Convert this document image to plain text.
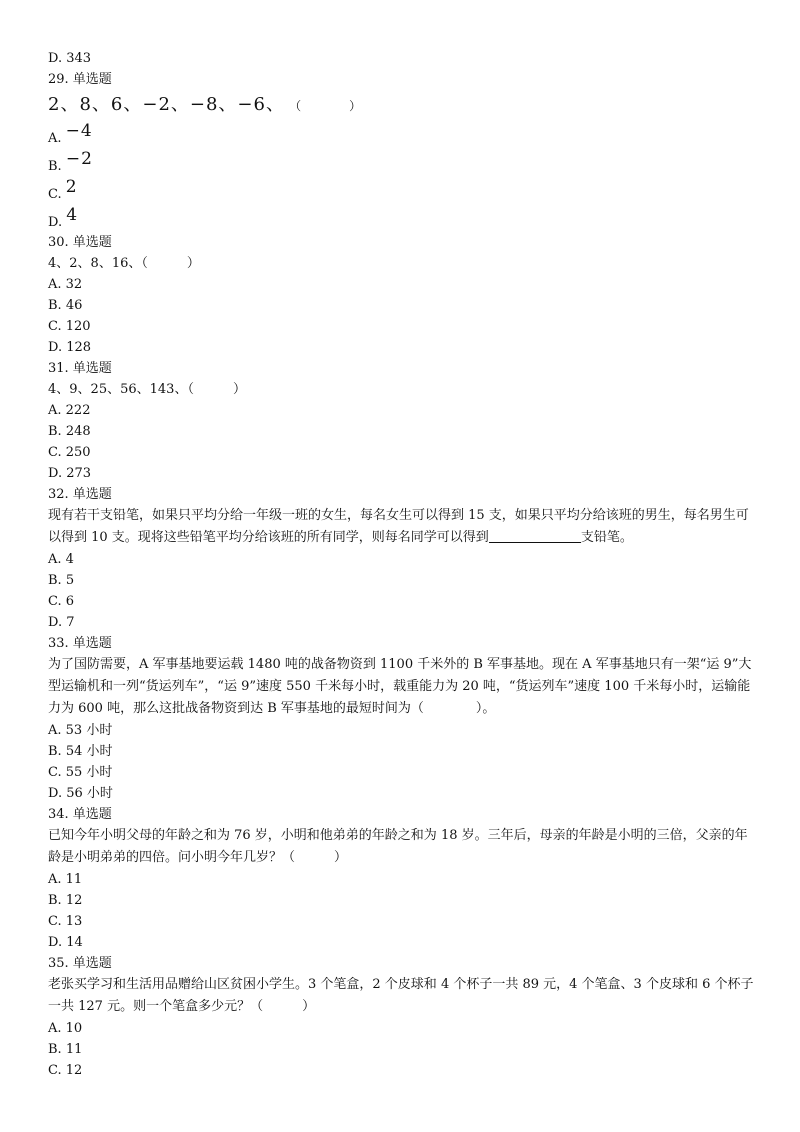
D. 343
29. 单选题
2、8、6、−2、−8、−6、 （　　　　）
A. −4
B. −2
C. 2
D. 4
30. 单选题
4、2、8、16、（　　　）
A. 32
B. 46
C. 120
D. 128
31. 单选题
4、9、25、56、143、（　　　）
A. 222
B. 248
C. 250
D. 273
32. 单选题
现有若干支铅笔，如果只平均分给一年级一班的女生，每名女生可以得到 15 支，如果只平均分给该班的男生，每名男生可以得到 10 支。现将这些铅笔平均分给该班的所有同学，则每名同学可以得到	支铅笔。
A. 4
B. 5
C. 6
D. 7
33. 单选题
为了国防需要，A 军事基地要运载 1480 吨的战备物资到 1100 千米外的 B 军事基地。现在 A 军事基地只有一架“运 9”大型运输机和一列“货运列车”，“运 9”速度 550 千米每小时，载重能力为 20 吨，“货运列车”速度 100 千米每小时，运输能力为 600 吨，那么这批战备物资到达 B 军事基地的最短时间为（　　　　）。
A. 53 小时
B. 54 小时
C. 55 小时
D. 56 小时
34. 单选题
已知今年小明父母的年龄之和为 76 岁，小明和他弟弟的年龄之和为 18 岁。三年后，母亲的年龄是小明的三倍，父亲的年龄是小明弟弟的四倍。问小明今年几岁？（　　　）
A. 11
B. 12
C. 13
D. 14
35. 单选题
老张买学习和生活用品赠给山区贫困小学生。3 个笔盒，2 个皮球和 4 个杯子一共 89 元，4 个笔盒、3 个皮球和 6 个杯子一共 127 元。则一个笔盒多少元？（　　　）
A. 10
B. 11
C. 12
